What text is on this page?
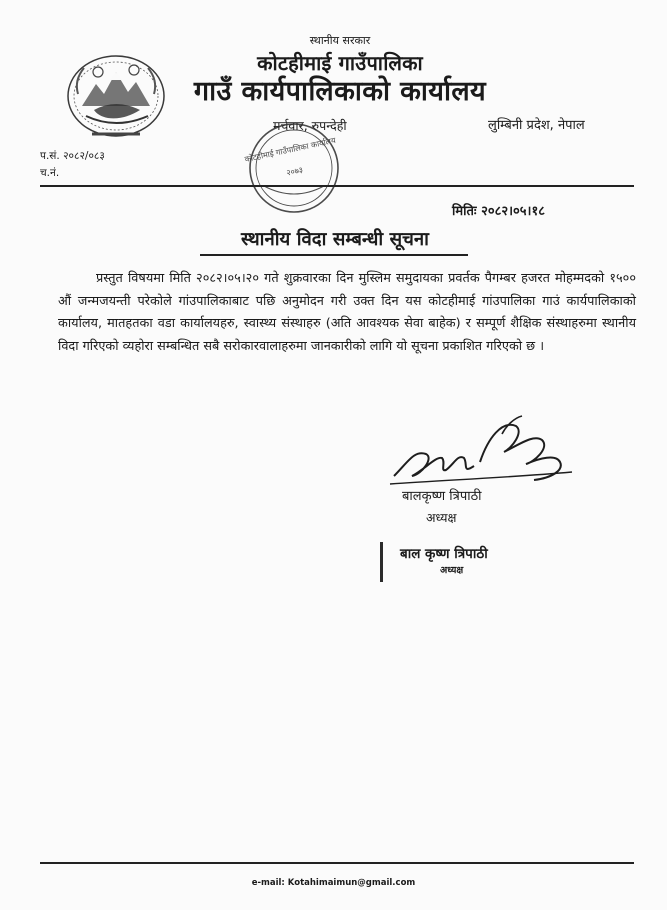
स्थानीय सरकार

कोटहीमाई गाउँपालिका

गाउँ कार्यपालिकाको कार्यालय

मर्चवार, रुपन्देही	लुम्बिनी प्रदेश, नेपाल
प.सं. २०८२/०८३
च.नं.
कोटहीमाई गाउँपालिका कार्यालय
२०७३
मितिः २०८२।०५।१८
स्थानीय विदा सम्बन्धी सूचना

प्रस्तुत विषयमा मिति २०८२।०५।२० गते शुक्रवारका दिन मुस्लिम समुदायका प्रवर्तक पैगम्बर हजरत मोहम्मदको १५०० औं जन्मजयन्ती परेकोले गांउपालिकाबाट पछि अनुमोदन गरी उक्त दिन यस कोटहीमाई गांउपालिका गाउं कार्यपालिकाको कार्यालय, मातहतका वडा कार्यालयहरु, स्वास्थ्य संस्थाहरु (अति आवश्यक सेवा बाहेक) र सम्पूर्ण शैक्षिक संस्थाहरुमा स्थानीय विदा गरिएको व्यहोरा सम्बन्धित सबै सरोकारवालाहरुमा जानकारीको लागि यो सूचना प्रकाशित गरिएको छ ।

बालकृष्ण त्रिपाठी
अध्यक्ष
बाल कृष्ण त्रिपाठी
अध्यक्ष
e-mail: Kotahimaimun@gmail.com
